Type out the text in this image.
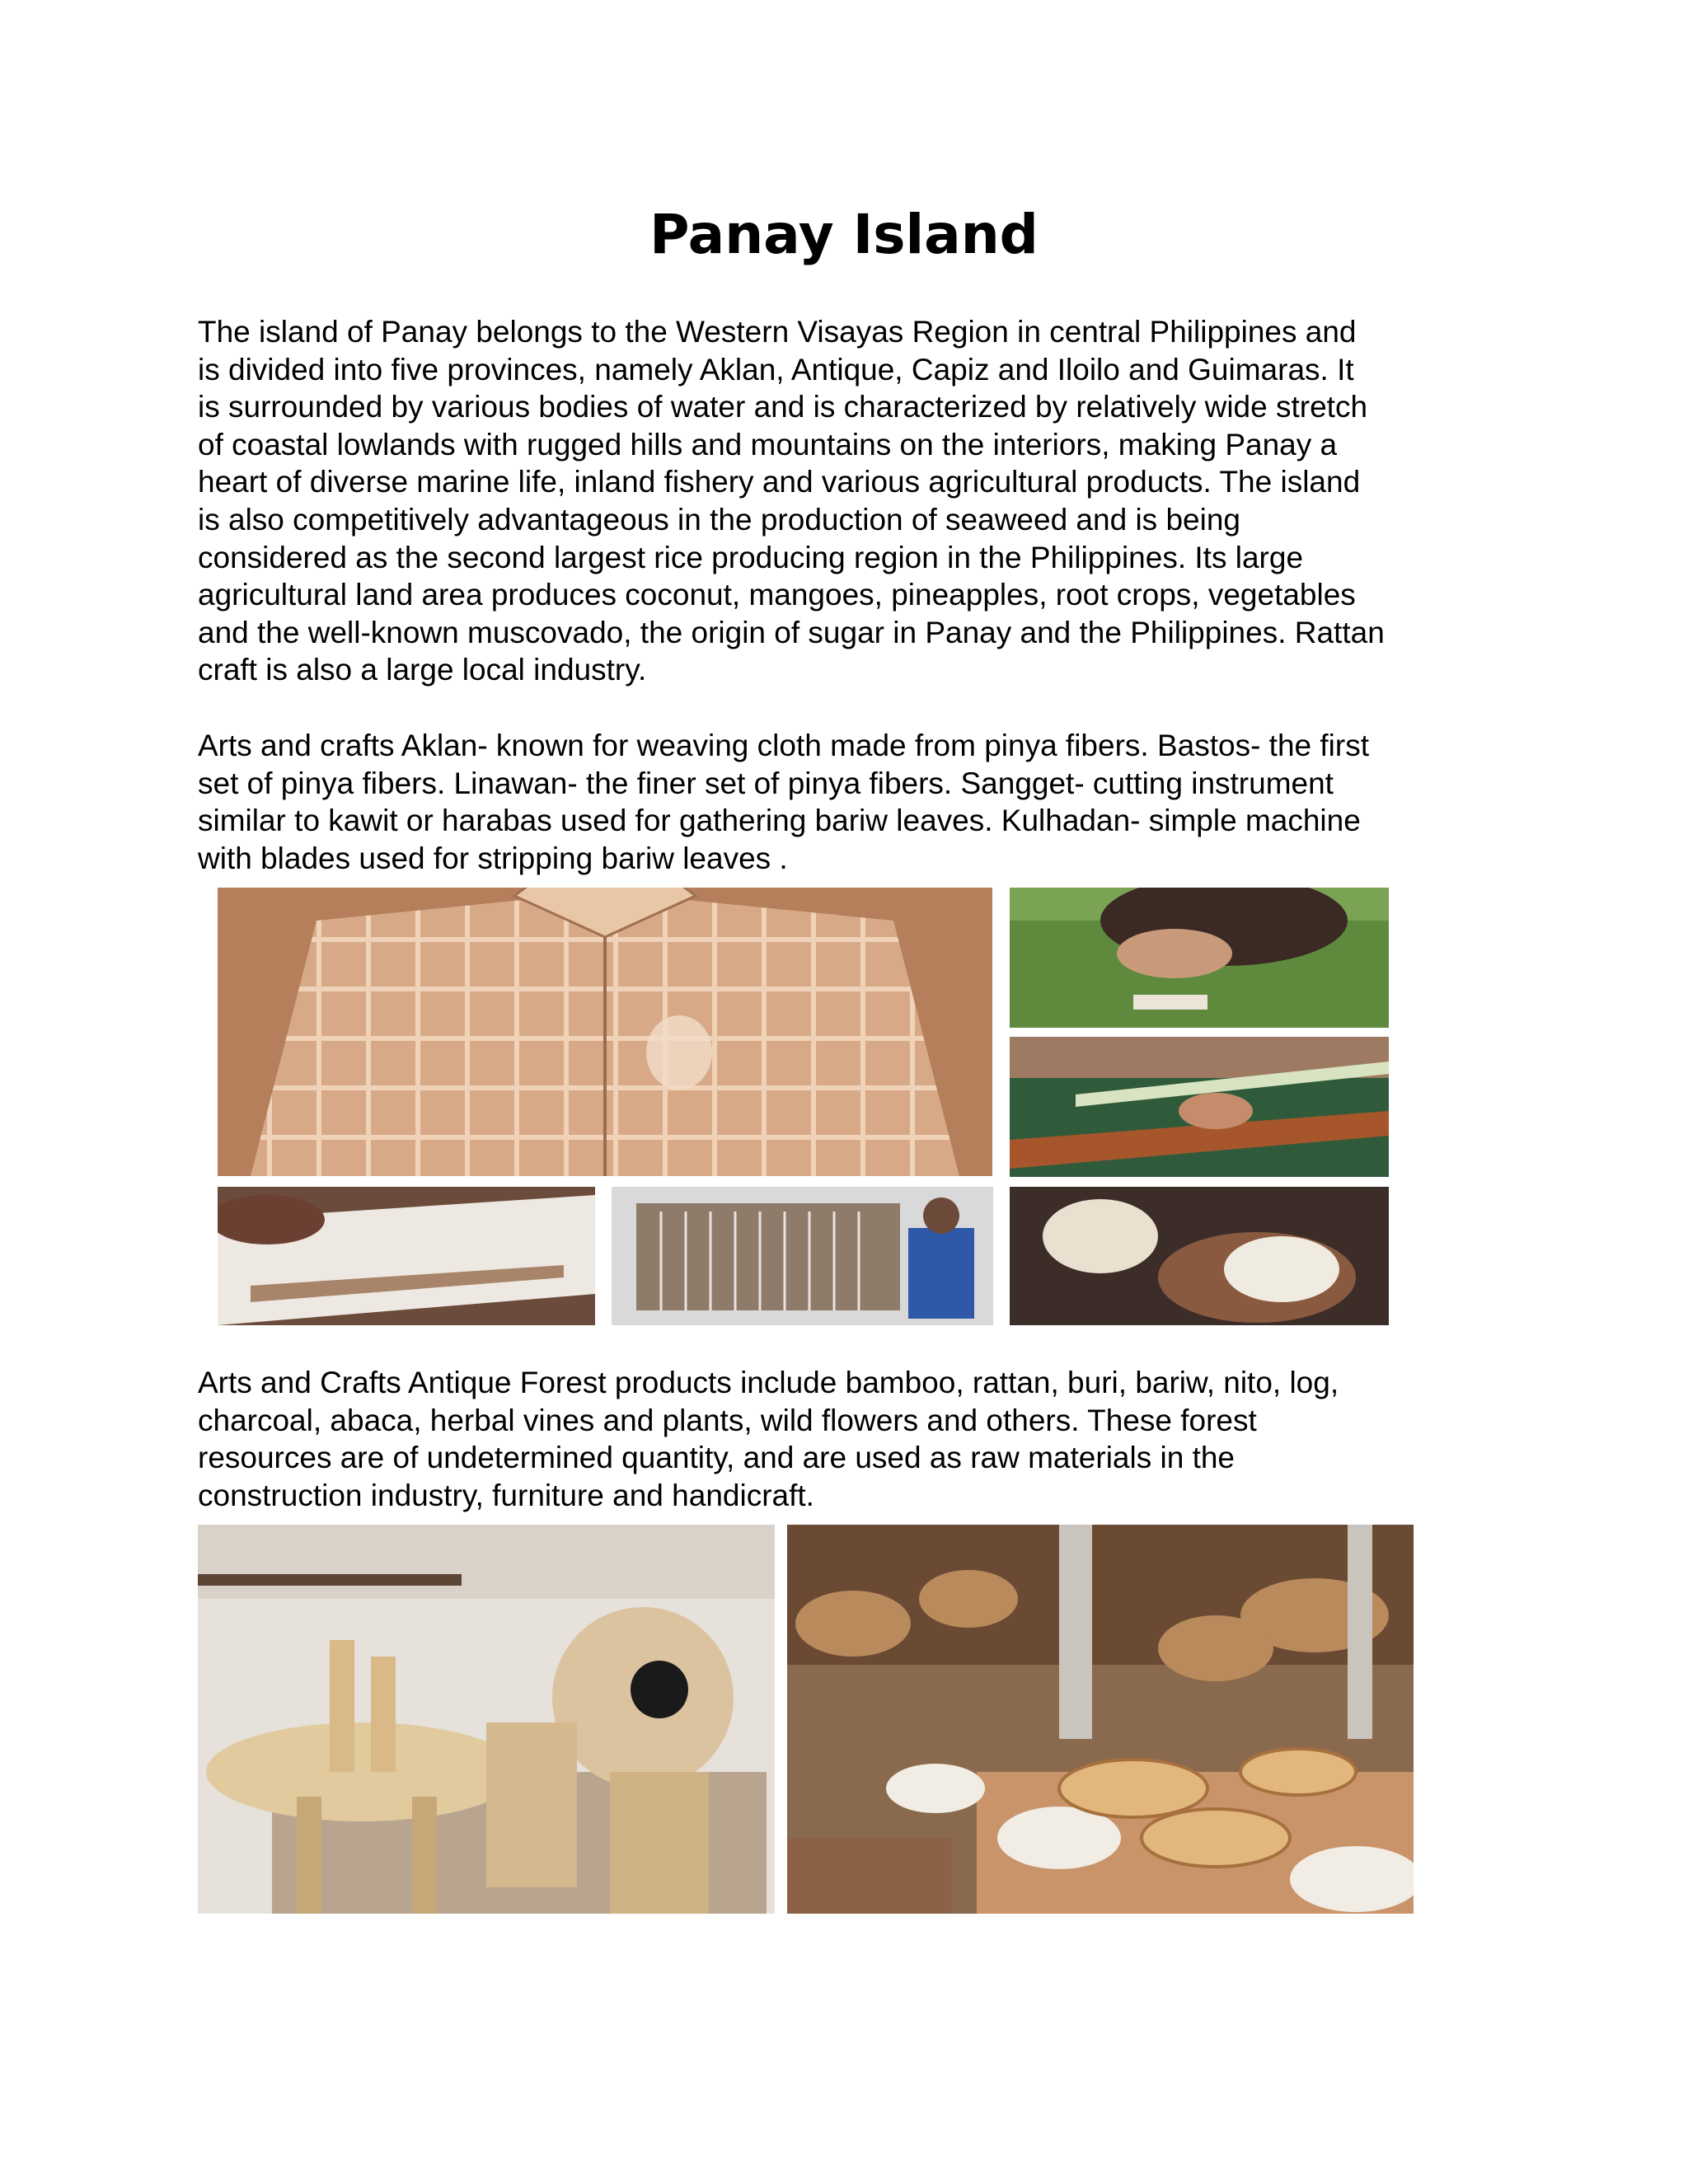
Panay Island
The island of Panay belongs to the Western Visayas Region in central Philippines and
is divided into five provinces, namely Aklan, Antique, Capiz and Iloilo and Guimaras. It
is surrounded by various bodies of water and is characterized by relatively wide stretch
of coastal lowlands with rugged hills and mountains on the interiors, making Panay a
heart of diverse marine life, inland fishery and various agricultural products. The island
is also competitively advantageous in the production of seaweed and is being
considered as the second largest rice producing region in the Philippines. Its large
agricultural land area produces coconut, mangoes, pineapples, root crops, vegetables
and the well-known muscovado, the origin of sugar in Panay and the Philippines. Rattan
craft is also a large local industry.
Arts and crafts Aklan- known for weaving cloth made from pinya fibers. Bastos- the first
set of pinya fibers. Linawan- the finer set of pinya fibers. Sangget- cutting instrument
similar to kawit or harabas used for gathering bariw leaves. Kulhadan- simple machine
with blades used for stripping bariw leaves .
Arts and Crafts Antique Forest products include bamboo, rattan, buri, bariw, nito, log,
charcoal, abaca, herbal vines and plants, wild flowers and others. These forest
resources are of undetermined quantity, and are used as raw materials in the
construction industry, furniture and handicraft.
